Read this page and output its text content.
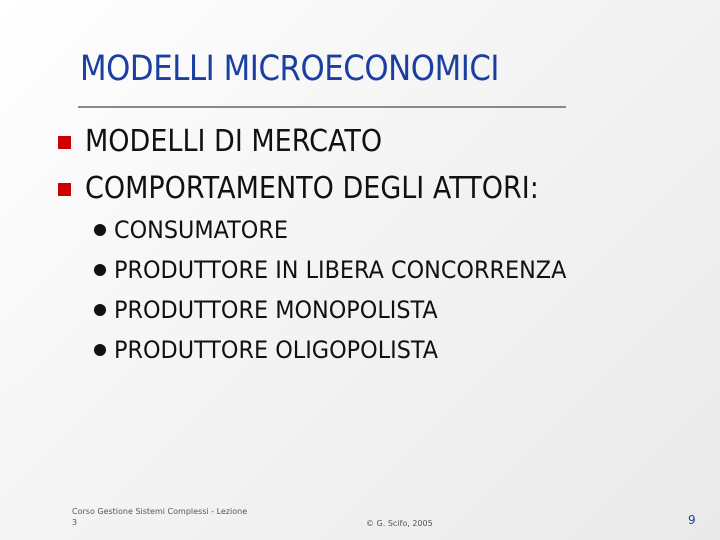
MODELLI MICROECONOMICI
MODELLI DI MERCATO
COMPORTAMENTO DEGLI ATTORI:
CONSUMATORE
PRODUTTORE IN LIBERA CONCORRENZA
PRODUTTORE MONOPOLISTA
PRODUTTORE OLIGOPOLISTA
Corso Gestione Sistemi Complessi - Lezione 3	© G. Scifo, 2005	9
